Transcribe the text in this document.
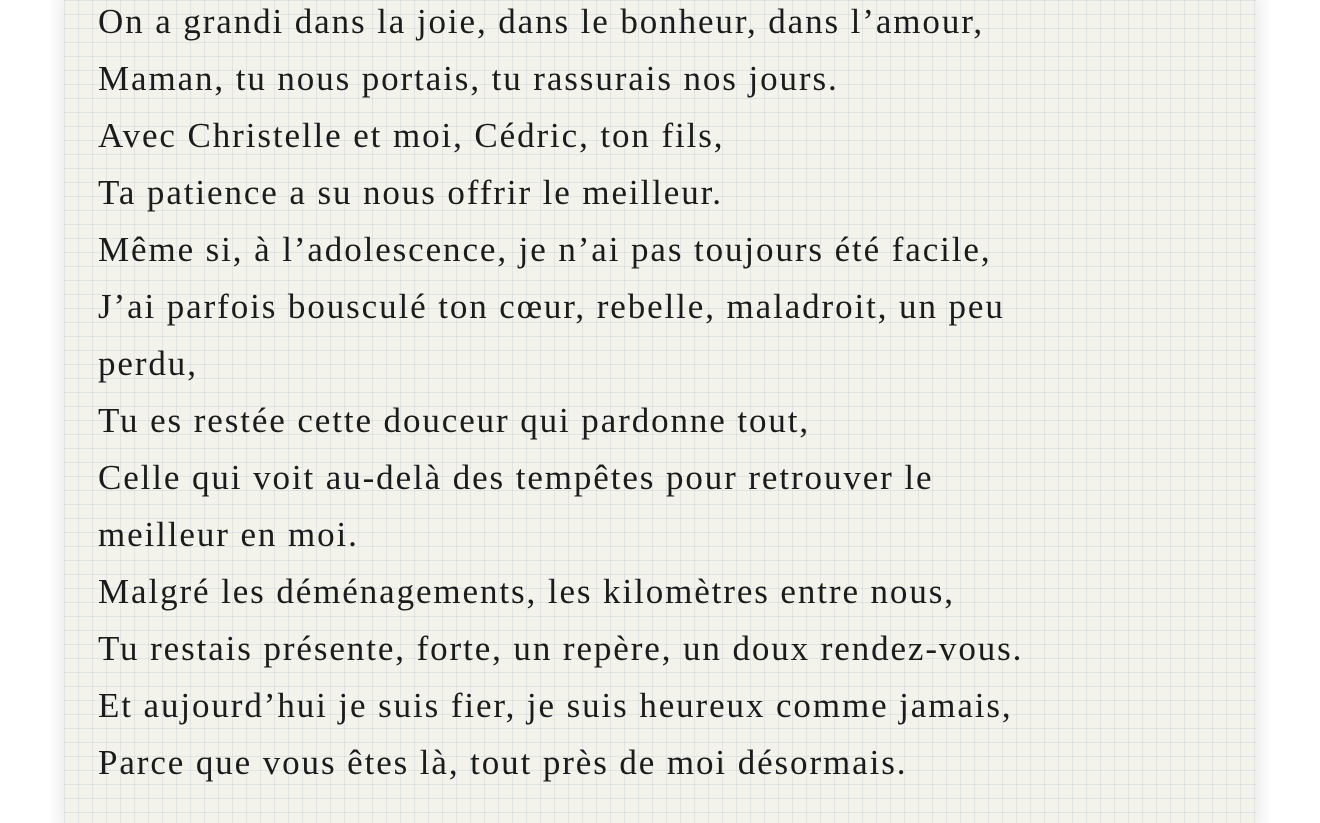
On a grandi dans la joie, dans le bonheur, dans l’amour,
Maman, tu nous portais, tu rassurais nos jours.
Avec Christelle et moi, Cédric, ton fils,
Ta patience a su nous offrir le meilleur.
Même si, à l’adolescence, je n’ai pas toujours été facile,
J’ai parfois bousculé ton cœur, rebelle, maladroit, un peu
perdu,
Tu es restée cette douceur qui pardonne tout,
Celle qui voit au-delà des tempêtes pour retrouver le
meilleur en moi.
Malgré les déménagements, les kilomètres entre nous,
Tu restais présente, forte, un repère, un doux rendez-vous.
Et aujourd’hui je suis fier, je suis heureux comme jamais,
Parce que vous êtes là, tout près de moi désormais.
